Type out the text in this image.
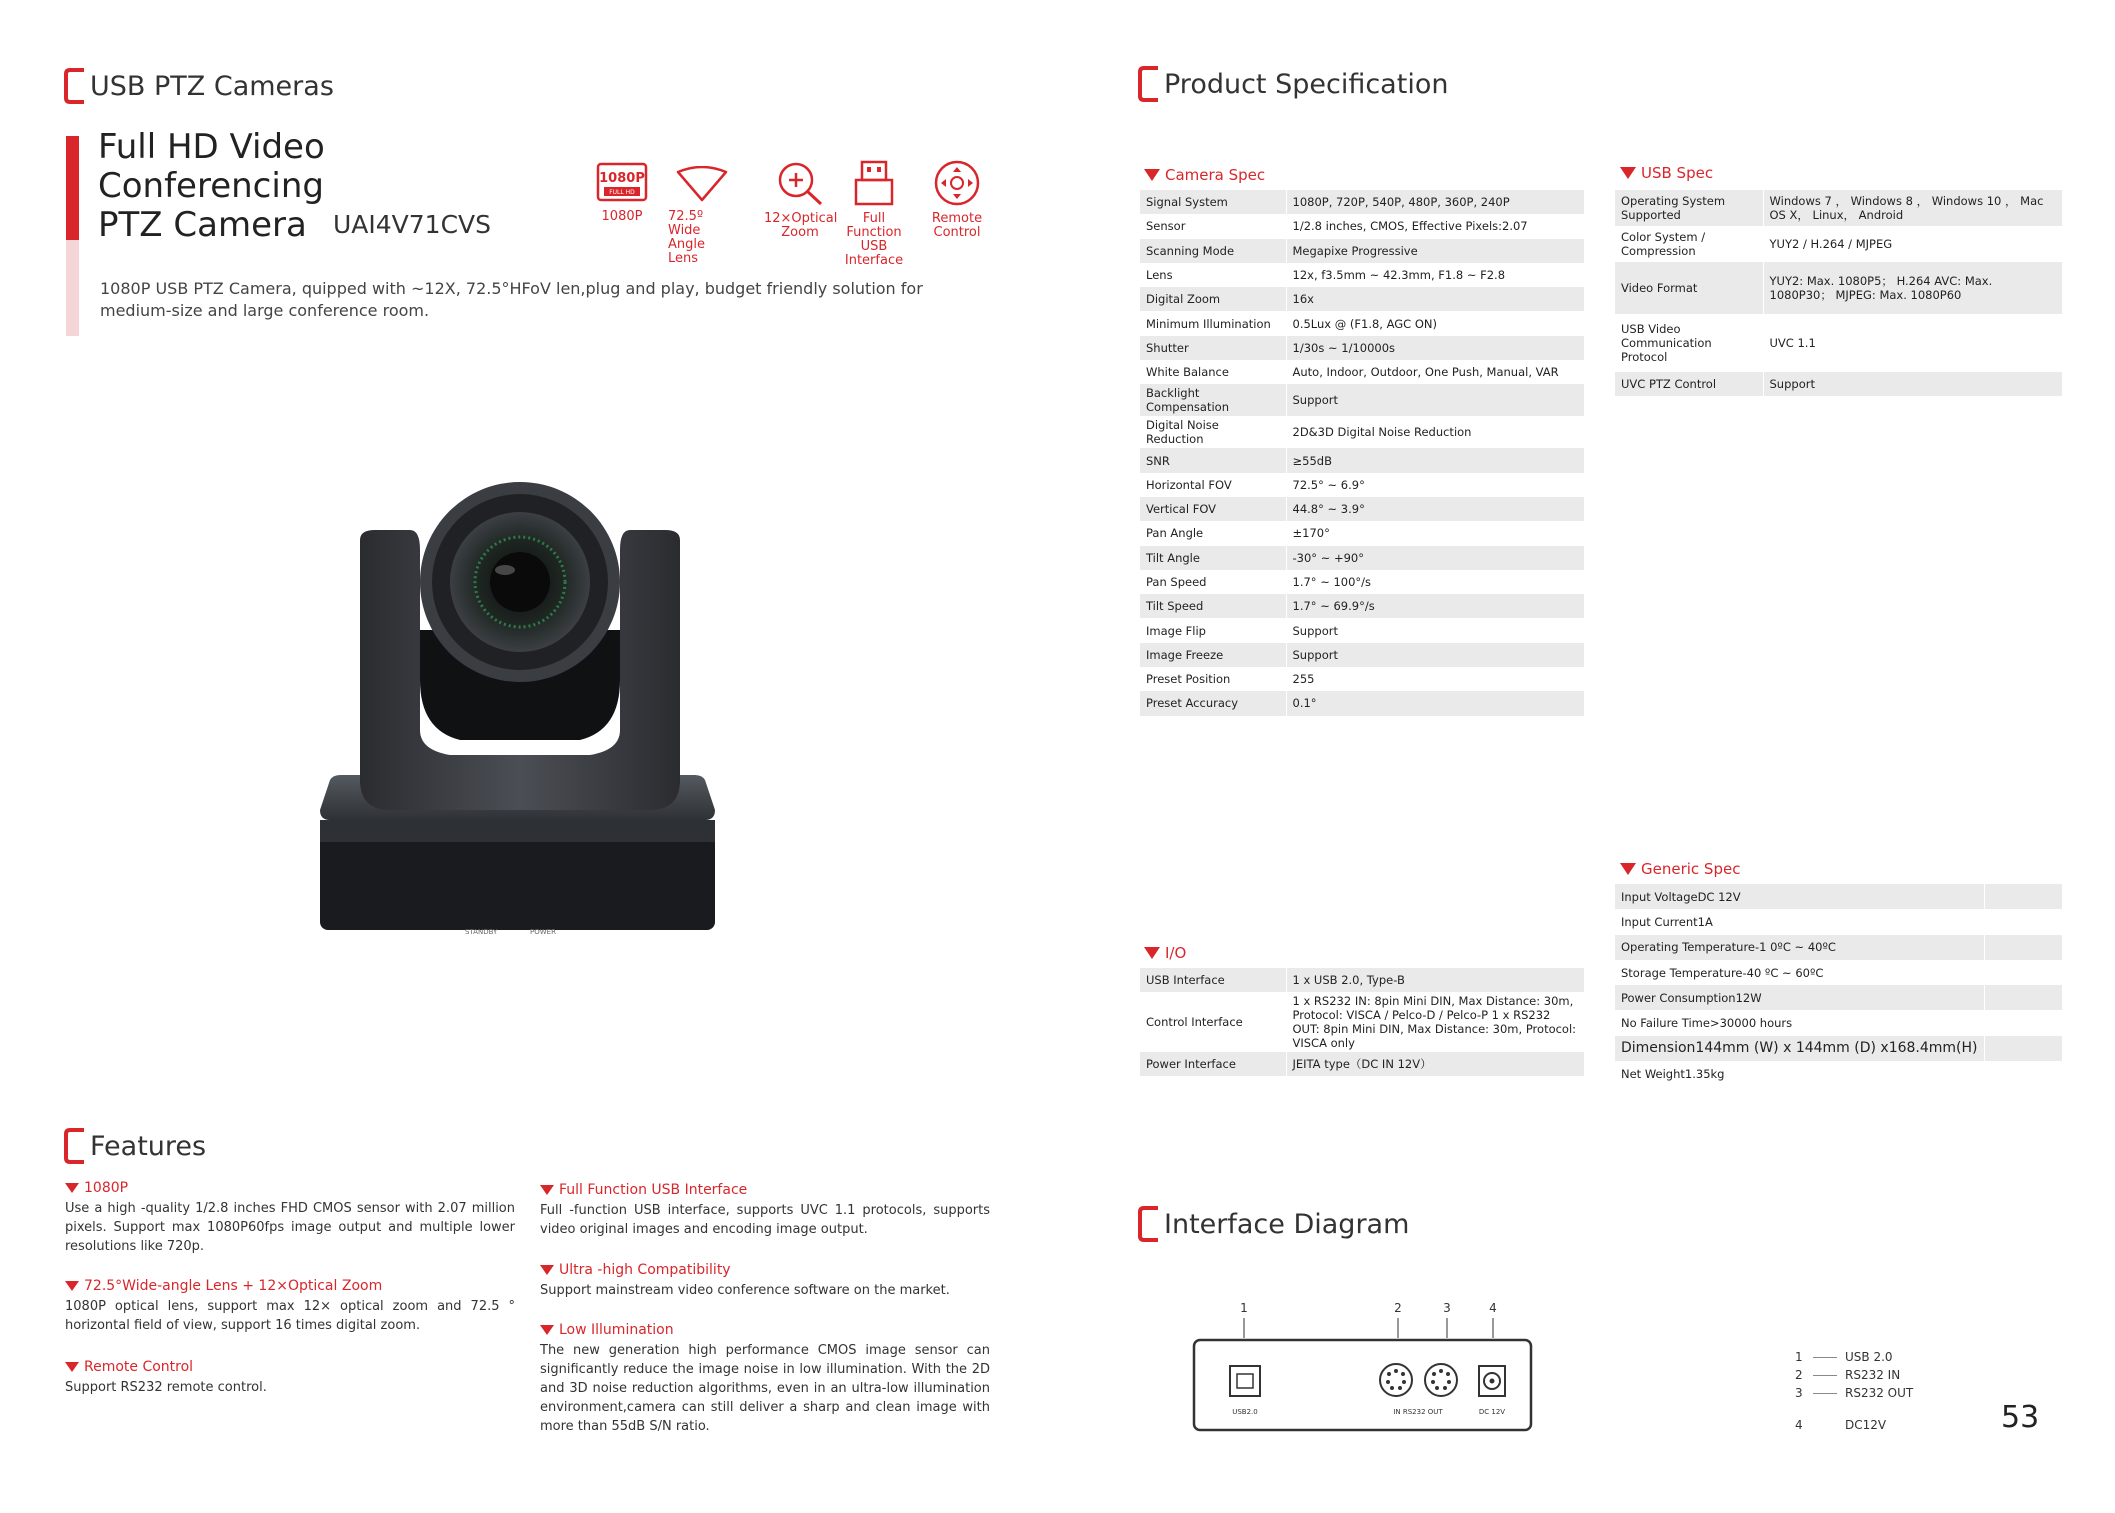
USB PTZ Cameras
Full HD Video
Conferencing
PTZ Camera	UAI4V71CVS
1080P USB PTZ Camera, quipped with ~12X, 72.5°HFoV len,plug and play, budget friendly solution for medium-size and large conference room.
1080P
FULL HD
1080P	72.5º Wide Angle Lens
12×Optical Zoom
Full Function USB Interface
Remote Control
STANDBY	POWER
Features
1080P
Use a high -quality 1/2.8 inches FHD CMOS sensor with 2.07 million pixels. Support max 1080P60fps image output and multiple lower resolutions like 720p.
72.5°Wide-angle Lens + 12×Optical Zoom
1080P optical lens, support max 12× optical zoom and 72.5 ° horizontal field of view, support 16 times digital zoom.
Remote Control
Support RS232 remote control.
Full Function USB Interface
Full -function USB interface, supports UVC 1.1 protocols, supports video original images and encoding image output.
Ultra -high Compatibility
Support mainstream video conference software on the market.
Low Illumination
The new generation high performance CMOS image sensor can significantly reduce the image noise in low illumination. With the 2D and 3D noise reduction algorithms, even in an ultra-low illumination environment,camera can still deliver a sharp and clean image with more than 55dB S/N ratio.
Product Specification
Camera Spec
Signal System	1080P, 720P, 540P, 480P, 360P, 240P
Sensor	1/2.8 inches, CMOS, Effective Pixels:2.07
Scanning Mode	Megapixe Progressive
Lens	12x, f3.5mm ~ 42.3mm, F1.8 ~ F2.8
Digital Zoom	16x
Minimum Illumination	0.5Lux @ (F1.8, AGC ON)
Shutter	1/30s ~ 1/10000s
White Balance	Auto, Indoor, Outdoor, One Push, Manual, VAR
Backlight Compensation	Support
Digital Noise Reduction	2D&3D Digital Noise Reduction
SNR	≥55dB
Horizontal FOV	72.5° ~ 6.9°
Vertical FOV	44.8° ~ 3.9°
Pan Angle	±170°
Tilt Angle	-30° ~ +90°
Pan Speed	1.7° ~ 100°/s
Tilt Speed	1.7° ~ 69.9°/s
Image Flip	Support
Image Freeze	Support
Preset Position	255
Preset Accuracy	0.1°
USB Spec
Operating System Supported	Windows 7 ， Windows 8 ， Windows 10 ， Mac OS X， Linux， Android
Color System / Compression	YUY2 / H.264 / MJPEG
Video Format	YUY2: Max. 1080P5； H.264 AVC: Max. 1080P30； MJPEG: Max. 1080P60
USB Video Communication Protocol	UVC 1.1
UVC PTZ Control	Support
Generic Spec
Input VoltageDC 12V	
Input Current1A	
Operating Temperature-1 0ºC ~ 40ºC	
Storage Temperature-40 ºC ~ 60ºC	
Power Consumption12W	
No Failure Time>30000 hours	
Dimension144mm (W) x 144mm (D) x168.4mm(H)	
Net Weight1.35kg	
I/O
USB Interface	1 x USB 2.0, Type-B
Control Interface	1 x RS232 IN: 8pin Mini DIN, Max Distance: 30m, Protocol: VISCA / Pelco-D / Pelco-P 1 x RS232 OUT: 8pin Mini DIN, Max Distance: 30m, Protocol: VISCA only
Power Interface	JEITA type（DC IN 12V）
Interface Diagram
1	2	3	4
USB2.0	IN RS232 OUT	DC 12V
1	USB 2.0
2	RS232 IN
3	RS232 OUT
4	DC12V	53
